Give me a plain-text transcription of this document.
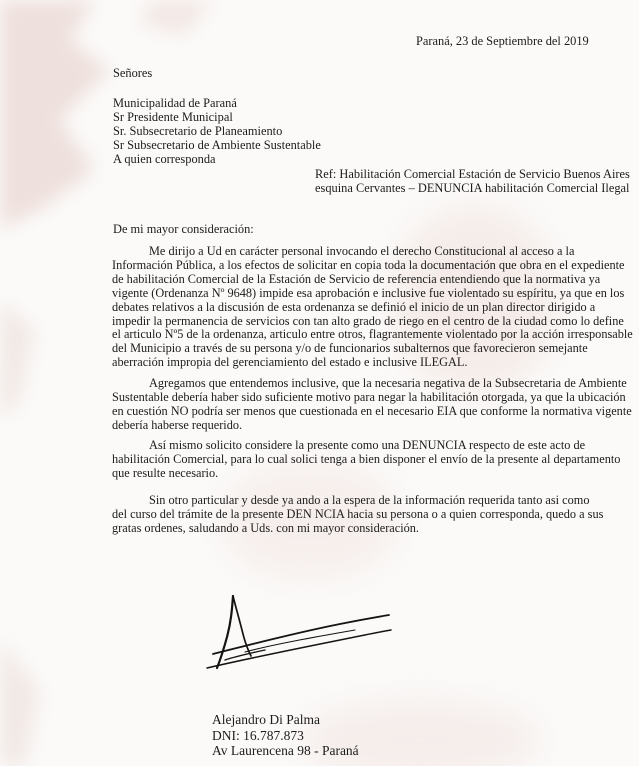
Paraná, 23 de Septiembre del 2019
Señores
Municipalidad de Paraná
Sr Presidente Municipal
Sr. Subsecretario de Planeamiento
Sr Subsecretario de Ambiente Sustentable
A quien corresponda
Ref: Habilitación Comercial Estación de Servicio Buenos Aires
esquina Cervantes – DENUNCIA habilitación Comercial Ilegal
De mi mayor consideración:
Me dirijo a Ud en carácter personal invocando el derecho Constitucional al acceso a la
Información Pública, a los efectos de solicitar en copia toda la documentación que obra en el expediente
de habilitación Comercial de la Estación de Servicio de referencia entendiendo que la normativa ya
vigente (Ordenanza Nº 9648) impide esa aprobación e inclusive fue violentado su espíritu, ya que en los
debates relativos a la discusión de esta ordenanza se definió el inicio de un plan director dirigido a
impedir la permanencia de servicios con tan alto grado de riego en el centro de la ciudad como lo define
el articulo Nº5 de la ordenanza, articulo entre otros, flagrantemente violentado por la acción irresponsable
del Municipio a través de su persona y/o de funcionarios subalternos que favorecieron semejante
aberración impropia del gerenciamiento del estado e inclusive ILEGAL.
Agregamos que entendemos inclusive, que la necesaria negativa de la Subsecretaria de Ambiente
Sustentable debería haber sido suficiente motivo para negar la habilitación otorgada, ya que la ubicación
en cuestión NO podría ser menos que cuestionada en el necesario EIA que conforme la normativa vigente
debería haberse requerido.
Así mismo solicito considere la presente como una DENUNCIA respecto de este acto de
habilitación Comercial, para lo cual solici tenga a bien disponer el envío de la presente al departamento
que resulte necesario.
Sin otro particular y desde ya ando a la espera de la información requerida tanto asi como
del curso del trámite de la presente DEN NCIA hacia su persona o a quien corresponda, quedo a sus
gratas ordenes, saludando a Uds. con mi mayor consideración.
Alejandro Di Palma
DNI: 16.787.873
Av Laurencena 98 - Paraná
